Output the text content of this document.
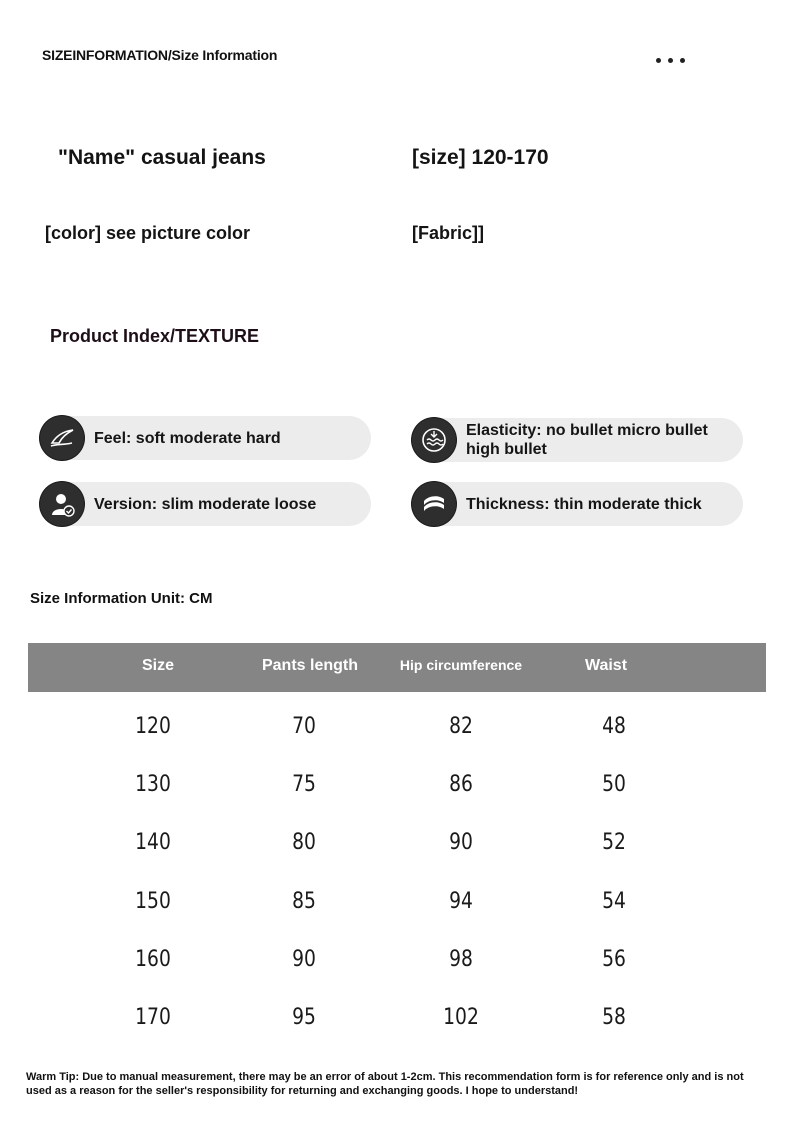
SIZEINFORMATION/Size Information
"Name" casual jeans	[size] 120-170
[color] see picture color	[Fabric]]
Product Index/TEXTURE
Feel: soft moderate hard	Elasticity: no bullet micro bullet high bullet
Version: slim moderate loose	Thickness: thin moderate thick
Size Information Unit: CM
Size	Pants length	Hip circumference	Waist
120	70	82	48
130	75	86	50
140	80	90	52
150	85	94	54
160	90	98	56
170	95	102	58
Warm Tip: Due to manual measurement, there may be an error of about 1-2cm. This recommendation form is for reference only and is not used as a reason for the seller's responsibility for returning and exchanging goods. I hope to understand!
